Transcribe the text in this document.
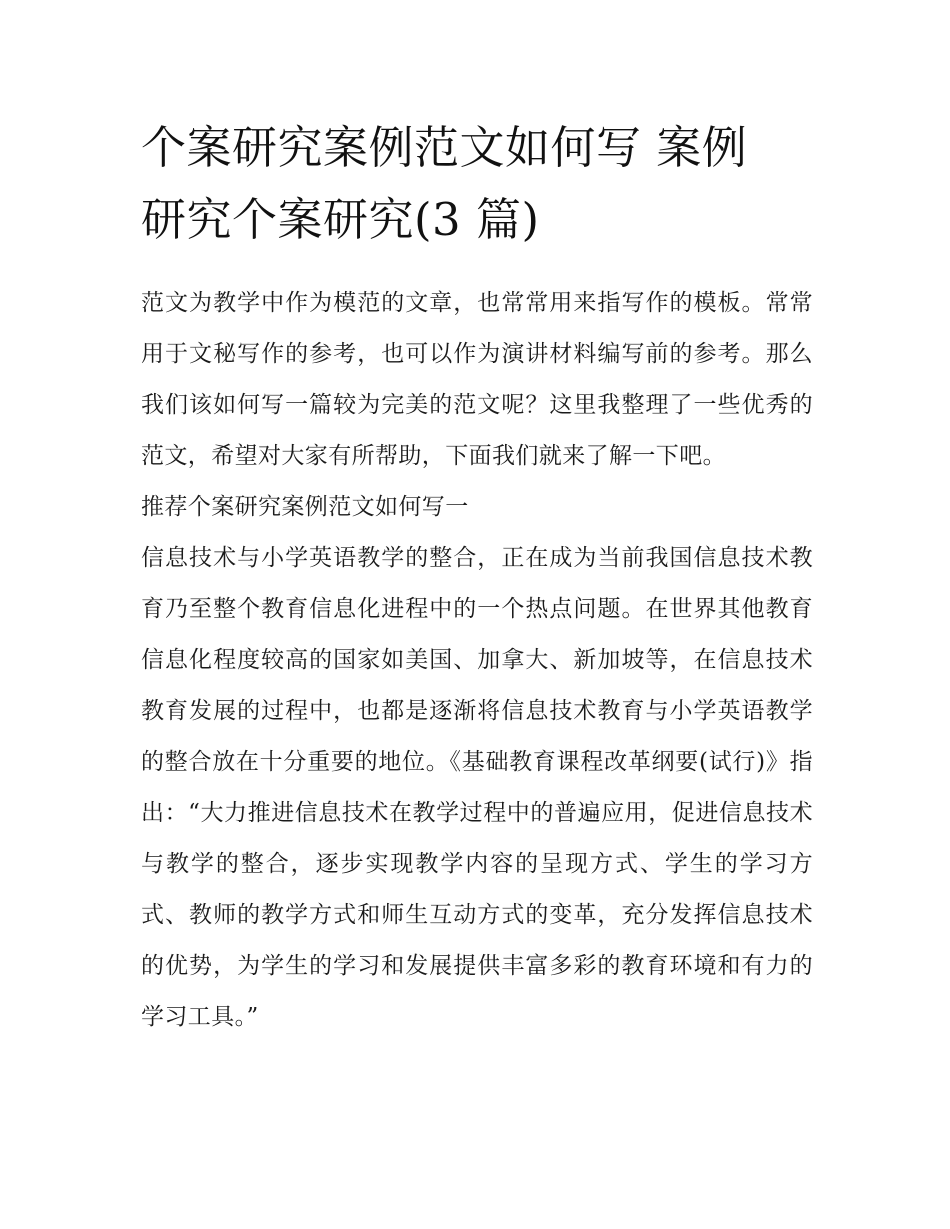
个案研究案例范文如何写 案例
研究个案研究(3 篇)

范文为教学中作为模范的文章，也常常用来指写作的模板。常常用于文秘写作的参考，也可以作为演讲材料编写前的参考。那么我们该如何写一篇较为完美的范文呢？这里我整理了一些优秀的范文，希望对大家有所帮助，下面我们就来了解一下吧。

推荐个案研究案例范文如何写一

信息技术与小学英语教学的整合，正在成为当前我国信息技术教育乃至整个教育信息化进程中的一个热点问题。在世界其他教育信息化程度较高的国家如美国、加拿大、新加坡等，在信息技术教育发展的过程中，也都是逐渐将信息技术教育与小学英语教学的整合放在十分重要的地位。《基础教育课程改革纲要(试行)》指出：“大力推进信息技术在教学过程中的普遍应用，促进信息技术与教学的整合，逐步实现教学内容的呈现方式、学生的学习方式、教师的教学方式和师生互动方式的变革，充分发挥信息技术的优势，为学生的学习和发展提供丰富多彩的教育环境和有力的学习工具。”
